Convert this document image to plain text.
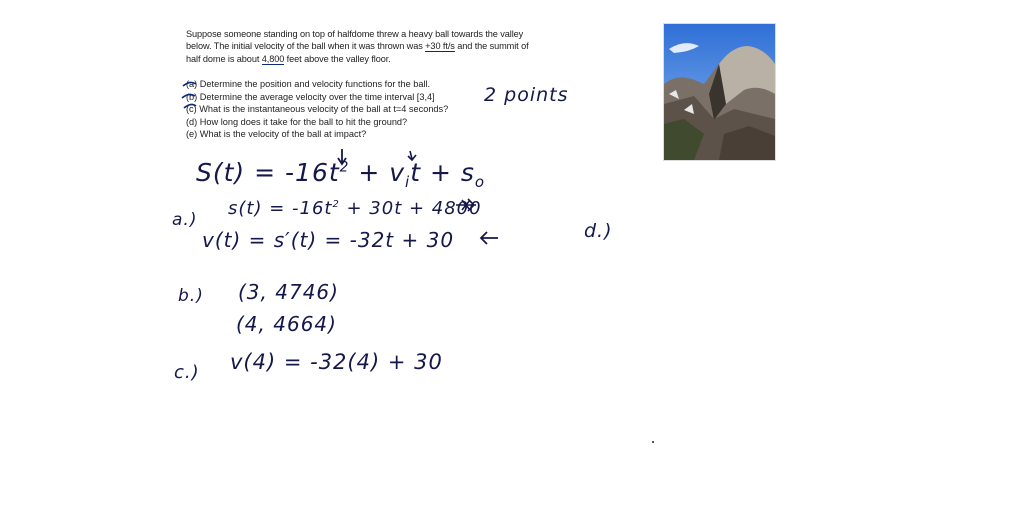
Suppose someone standing on top of halfdome threw a heavy ball towards the valley

below. The initial velocity of the ball when it was thrown was +30 ft/s and the summit of

half dome is about 4,800 feet above the valley floor.

(a) Determine the position and velocity functions for the ball.
(b) Determine the average velocity over the time interval [3,4]
(c) What is the instantaneous velocity of the ball at t=4 seconds?
(d) How long does it take for the ball to hit the ground?
(e) What is the velocity of the ball at impact?
2 points
$S(t) = -16t^2 + v_it + s_o$
a.)
$s(t) = -16t^2 + 30t + 4800$
v(t) = s′(t) = -32t + 30
b.) (3, 4746)
(4, 4664)
c.) v(4) = -32(4) + 30
d.)
